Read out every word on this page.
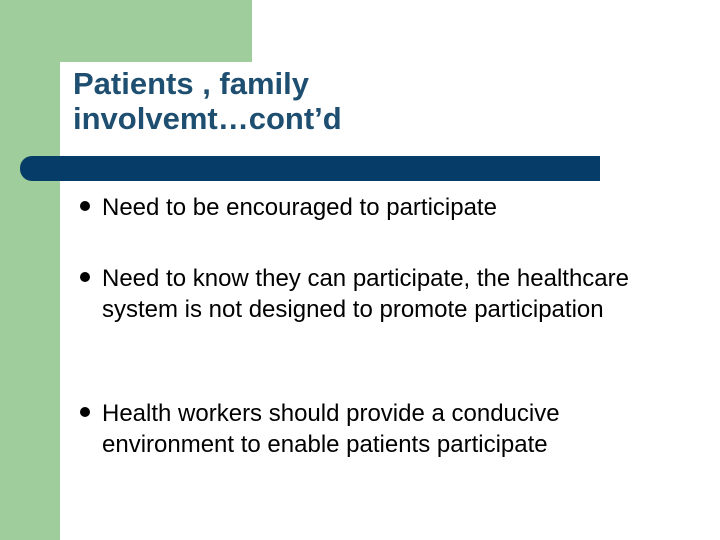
Patients , family
involvemt…cont’d
Need to be encouraged to participate
Need to know they can participate, the healthcare system is not designed to promote participation
Health workers should provide a conducive environment to enable patients participate
